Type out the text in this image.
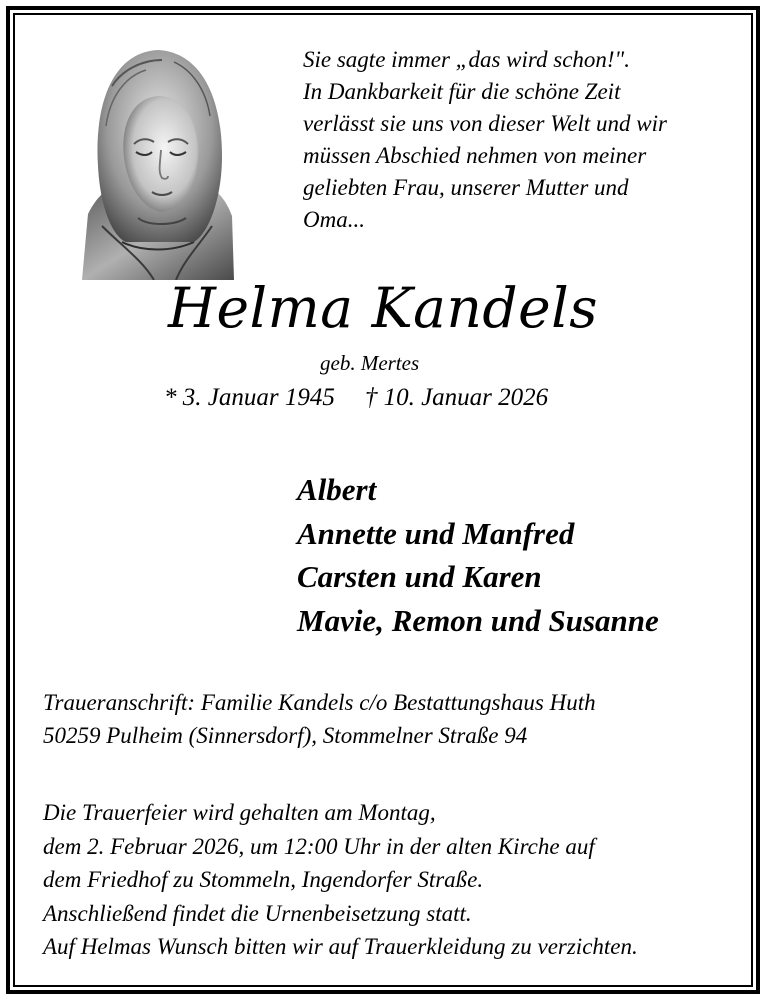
Sie sagte immer „das wird schon!".
In Dankbarkeit für die schöne Zeit
verlässt sie uns von dieser Welt und wir
müssen Abschied nehmen von meiner
geliebten Frau, unserer Mutter und
Oma...
Helma Kandels
geb. Mertes
* 3. Januar 1945 † 10. Januar 2026
Albert
Annette und Manfred
Carsten und Karen
Mavie, Remon und Susanne
Traueranschrift: Familie Kandels c/o Bestattungshaus Huth
50259 Pulheim (Sinnersdorf), Stommelner Straße 94
Die Trauerfeier wird gehalten am Montag,
dem 2. Februar 2026, um 12:00 Uhr in der alten Kirche auf
dem Friedhof zu Stommeln, Ingendorfer Straße.
Anschließend findet die Urnenbeisetzung statt.
Auf Helmas Wunsch bitten wir auf Trauerkleidung zu verzichten.
